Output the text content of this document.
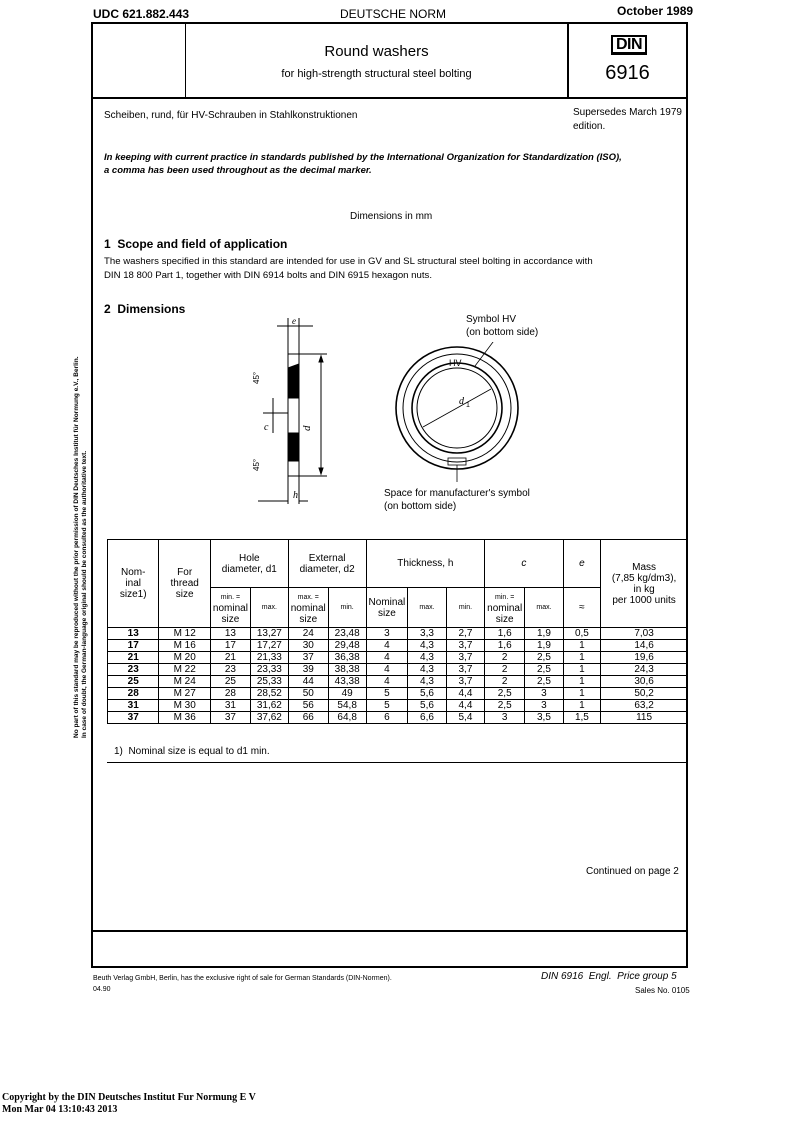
UDC 621.882.443	DEUTSCHE NORM	October 1989
Round washers
for high-strength structural steel bolting
DIN
6916
Scheiben, rund, für HV-Schrauben in Stahlkonstruktionen	Supersedes March 1979
edition.
In keeping with current practice in standards published by the International Organization for Standardization (ISO),
a comma has been used throughout as the decimal marker.
Dimensions in mm
1  Scope and field of application
The washers specified in this standard are intended for use in GV and SL structural steel bolting in accordance with
DIN 18 800 Part 1, together with DIN 6914 bolts and DIN 6915 hexagon nuts.
2  Dimensions
e
d
c
h
45°
45°
HV
d 1
Symbol HV
(on bottom side)
Space for manufacturer's symbol
(on bottom side)
Nom-
inal
size1)	For
thread
size	Hole
diameter, d1		External
diameter, d2		Thickness, h			c		e	Mass
(7,85 kg/dm3),
in kg
per 1000 units
		min. =
nominal
size	max.	max. =
nominal
size	min.	Nominal
size	max.	min.	min. =
nominal
size	max.	≈	
13	M 12	13	13,27	24	23,48	3	3,3	2,7	1,6	1,9	0,5	7,03
17	M 16	17	17,27	30	29,48	4	4,3	3,7	1,6	1,9	1	14,6
21	M 20	21	21,33	37	36,38	4	4,3	3,7	2	2,5	1	19,6
23	M 22	23	23,33	39	38,38	4	4,3	3,7	2	2,5	1	24,3
25	M 24	25	25,33	44	43,38	4	4,3	3,7	2	2,5	1	30,6
28	M 27	28	28,52	50	49	5	5,6	4,4	2,5	3	1	50,2
31	M 30	31	31,62	56	54,8	5	5,6	4,4	2,5	3	1	63,2
37	M 36	37	37,62	66	64,8	6	6,6	5,4	3	3,5	1,5	115
1)  Nominal size is equal to d1 min.
Continued on page 2
No part of this standard may be reproduced without the prior permission of DIN Deutsches Institut für Normung e.V., Berlin. In case of doubt, the German-language original should be consulted as the authoritative text.
Beuth Verlag GmbH, Berlin, has the exclusive right of sale for German Standards (DIN-Normen).
04.90
DIN 6916  Engl.  Price group 5
Sales No. 0105
Copyright by the DIN Deutsches Institut Fur Normung E V
Mon Mar 04 13:10:43 2013
